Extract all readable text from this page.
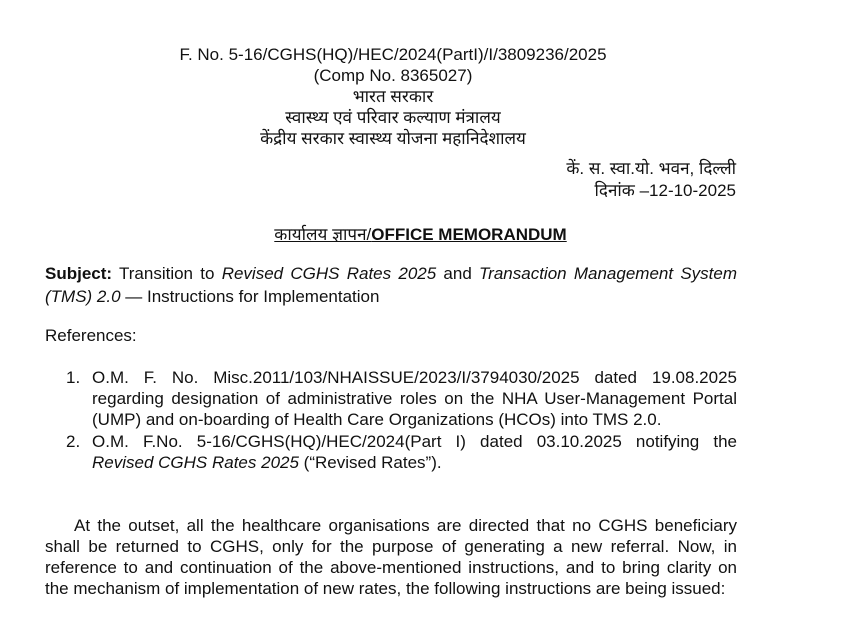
F. No. 5-16/CGHS(HQ)/HEC/2024(PartI)/I/3809236/2025
(Comp No. 8365027)
भारत सरकार
स्वास्थ्य एवं परिवार कल्याण मंत्रालय
केंद्रीय सरकार स्वास्थ्य योजना महानिदेशालय
कें. स. स्वा.यो. भवन, दिल्ली
दिनांक –12-10-2025
कार्यालय ज्ञापन/OFFICE MEMORANDUM
Subject: Transition to Revised CGHS Rates 2025 and Transaction Management System (TMS) 2.0 — Instructions for Implementation
References:
1. O.M. F. No. Misc.2011/103/NHAISSUE/2023/I/3794030/2025 dated 19.08.2025 regarding designation of administrative roles on the NHA User-Management Portal (UMP) and on-boarding of Health Care Organizations (HCOs) into TMS 2.0.
2. O.M. F.No. 5-16/CGHS(HQ)/HEC/2024(Part I) dated 03.10.2025 notifying the Revised CGHS Rates 2025 (“Revised Rates”).
At the outset, all the healthcare organisations are directed that no CGHS beneficiary shall be returned to CGHS, only for the purpose of generating a new referral. Now, in reference to and continuation of the above-mentioned instructions, and to bring clarity on the mechanism of implementation of new rates, the following instructions are being issued:
